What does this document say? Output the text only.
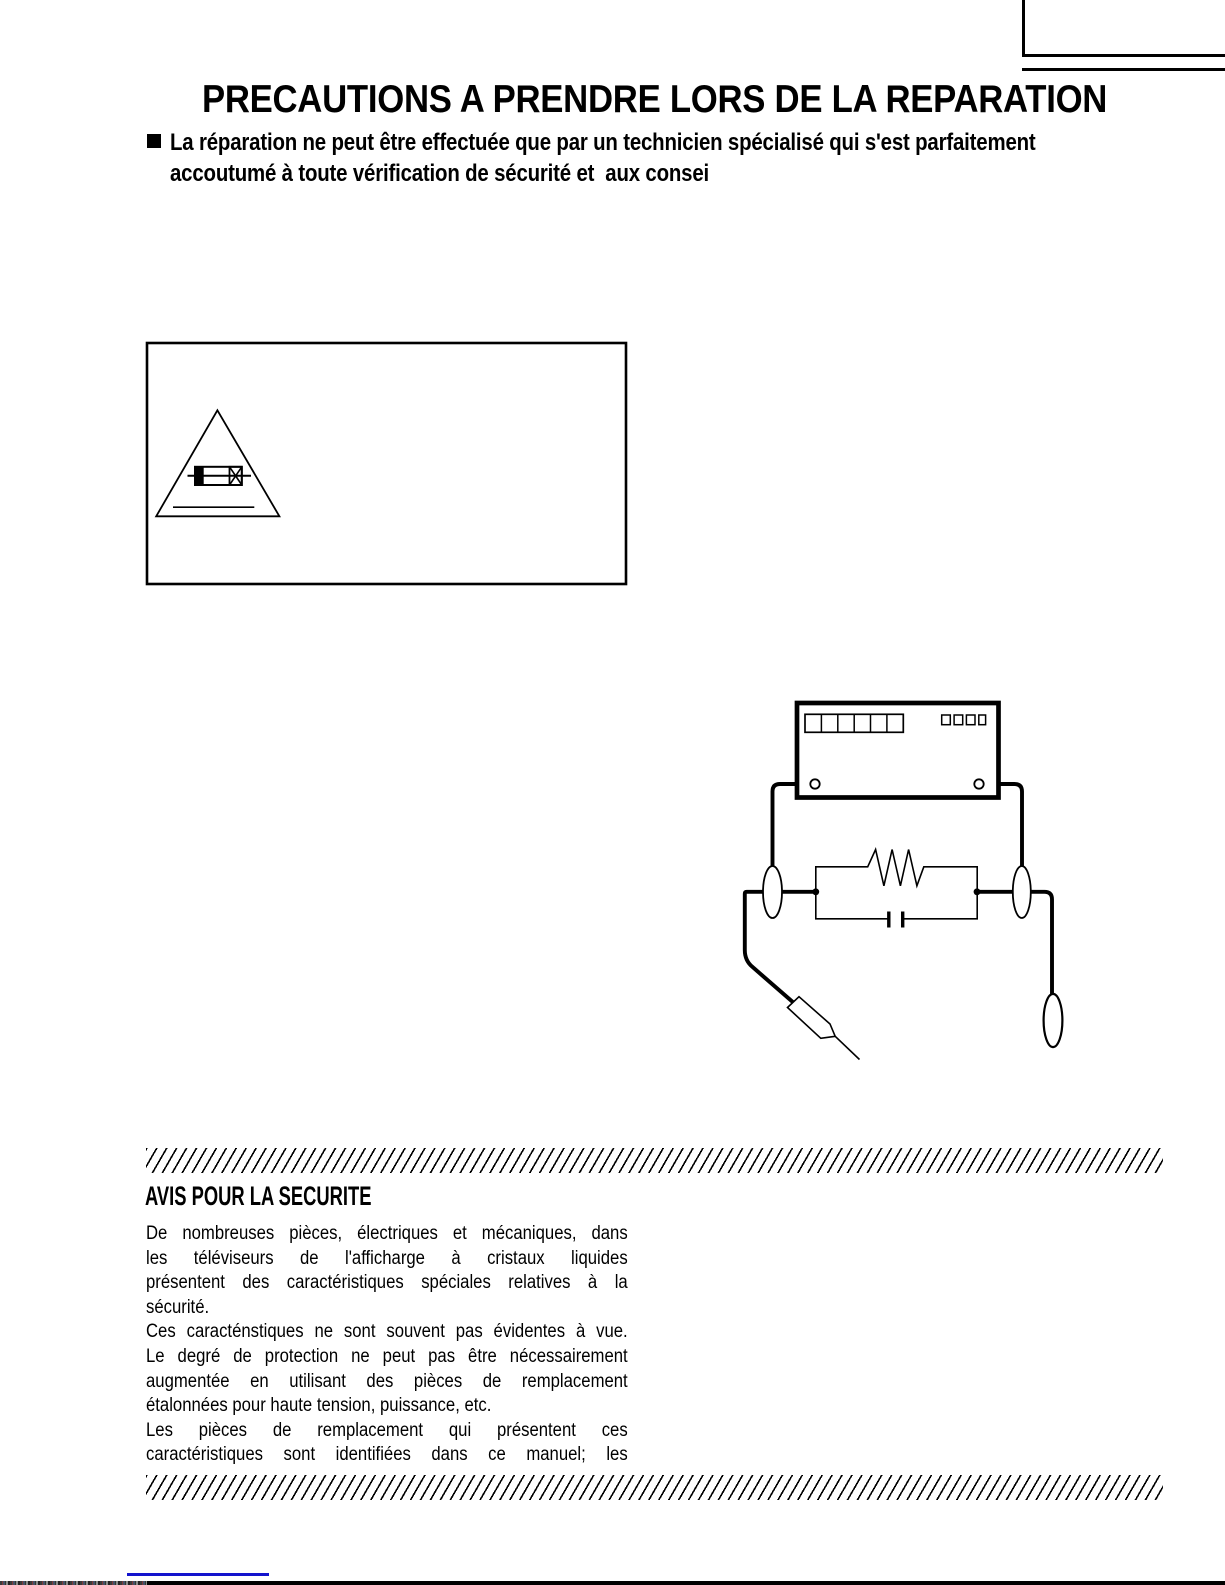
PRECAUTIONS A PRENDRE LORS DE LA REPARATION
La réparation ne peut être effectuée que par un technicien spécialisé qui s'est parfaitement
accoutumé à toute vérification de sécurité et  aux consei
AVIS POUR LA SECURITE
De nombreuses pièces, électriques et mécaniques, dans
les téléviseurs de l'afficharge à cristaux liquides
présentent des caractéristiques spéciales relatives à la
sécurité.
Ces caracténstiques ne sont souvent pas évidentes à vue.
Le degré de protection ne peut pas être nécessairement
augmentée en utilisant des pièces de remplacement
étalonnées pour haute tension, puissance, etc.
Les pièces de remplacement qui présentent ces
caractéristiques sont identifiées dans ce manuel; les
